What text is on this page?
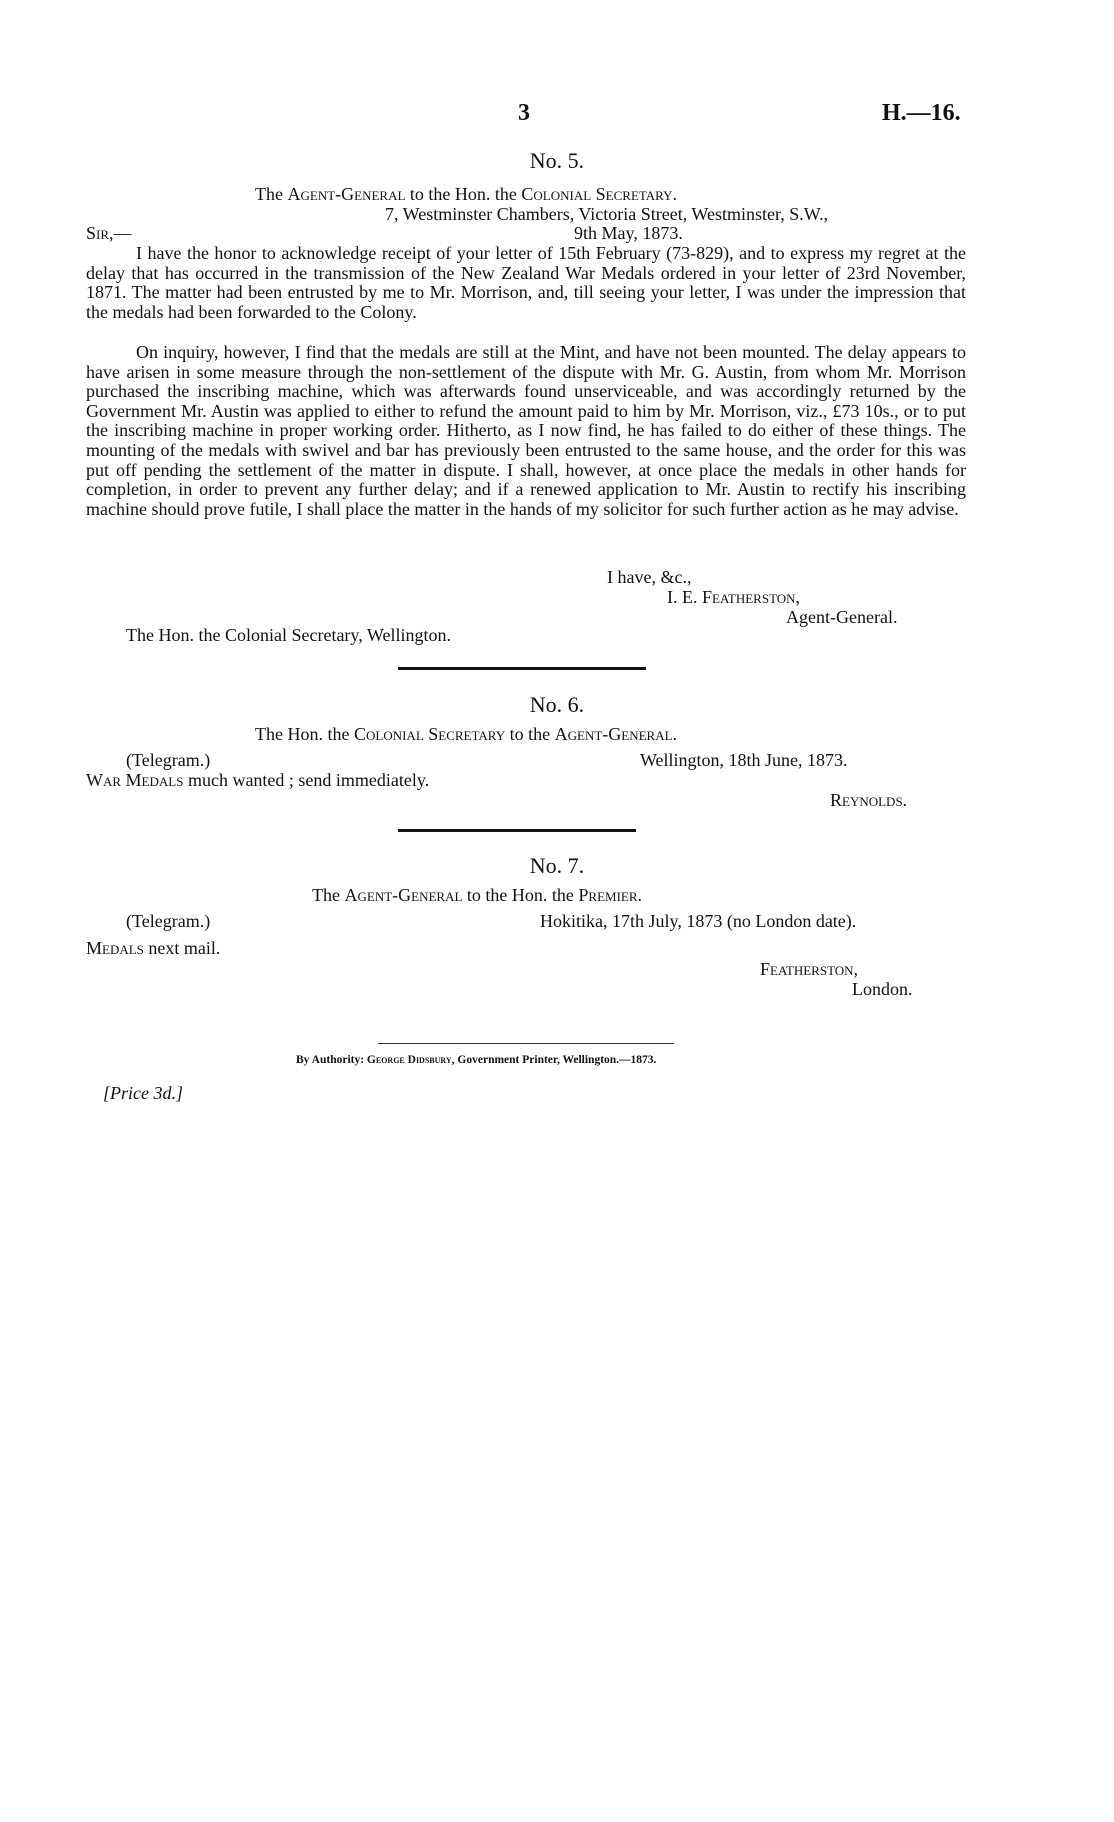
3	H.—16.
No. 5.
The Agent-General to the Hon. the Colonial Secretary.
7, Westminster Chambers, Victoria Street, Westminster, S.W.,
Sir,—	9th May, 1873.
I have the honor to acknowledge receipt of your letter of 15th February (73-829), and to express my regret at the delay that has occurred in the transmission of the New Zealand War Medals ordered in your letter of 23rd November, 1871. The matter had been entrusted by me to Mr. Morrison, and, till seeing your letter, I was under the impression that the medals had been forwarded to the Colony.
On inquiry, however, I find that the medals are still at the Mint, and have not been mounted. The delay appears to have arisen in some measure through the non-settlement of the dispute with Mr. G. Austin, from whom Mr. Morrison purchased the inscribing machine, which was afterwards found unserviceable, and was accordingly returned by the Government Mr. Austin was applied to either to refund the amount paid to him by Mr. Morrison, viz., £73 10s., or to put the inscribing machine in proper working order. Hitherto, as I now find, he has failed to do either of these things. The mounting of the medals with swivel and bar has previously been entrusted to the same house, and the order for this was put off pending the settlement of the matter in dispute. I shall, however, at once place the medals in other hands for completion, in order to prevent any further delay; and if a renewed application to Mr. Austin to rectify his inscribing machine should prove futile, I shall place the matter in the hands of my solicitor for such further action as he may advise.
I have, &c.,
I. E. Featherston,
Agent-General.
The Hon. the Colonial Secretary, Wellington.
No. 6.
The Hon. the Colonial Secretary to the Agent-General.
(Telegram.)	Wellington, 18th June, 1873.
War Medals much wanted ; send immediately.
Reynolds.
No. 7.
The Agent-General to the Hon. the Premier.
(Telegram.)	Hokitika, 17th July, 1873 (no London date).
Medals next mail.
Featherston,
London.
By Authority: George Didsbury, Government Printer, Wellington.—1873.
[Price 3d.]
